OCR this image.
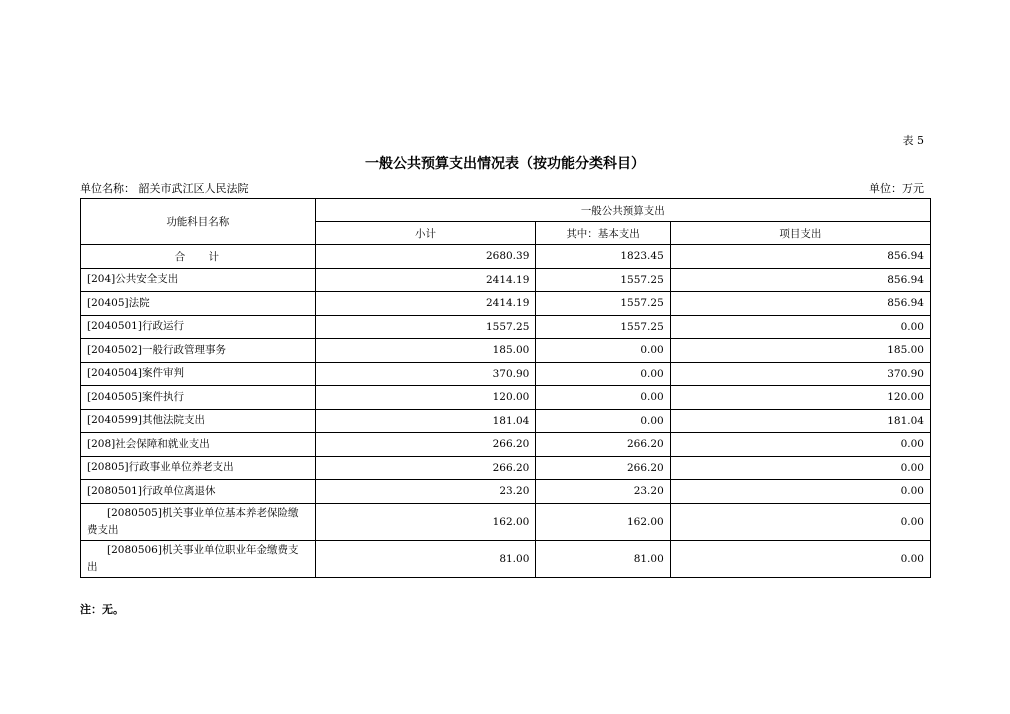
表 5
一般公共预算支出情况表（按功能分类科目）
单位名称： 韶关市武江区人民法院	单位：万元
功能科目名称	一般公共预算支出		
	小计	其中：基本支出	项目支出
合    计	2680.39	1823.45	856.94
[204]公共安全支出	2414.19	1557.25	856.94
[20405]法院	2414.19	1557.25	856.94
[2040501]行政运行	1557.25	1557.25	0.00
[2040502]一般行政管理事务	185.00	0.00	185.00
[2040504]案件审判	370.90	0.00	370.90
[2040505]案件执行	120.00	0.00	120.00
[2040599]其他法院支出	181.04	0.00	181.04
[208]社会保障和就业支出	266.20	266.20	0.00
[20805]行政事业单位养老支出	266.20	266.20	0.00
[2080501]行政单位离退休	23.20	23.20	0.00
[2080505]机关事业单位基本养老保险缴费支出	162.00	162.00	0.00
[2080506]机关事业单位职业年金缴费支出	81.00	81.00	0.00
注：无。
